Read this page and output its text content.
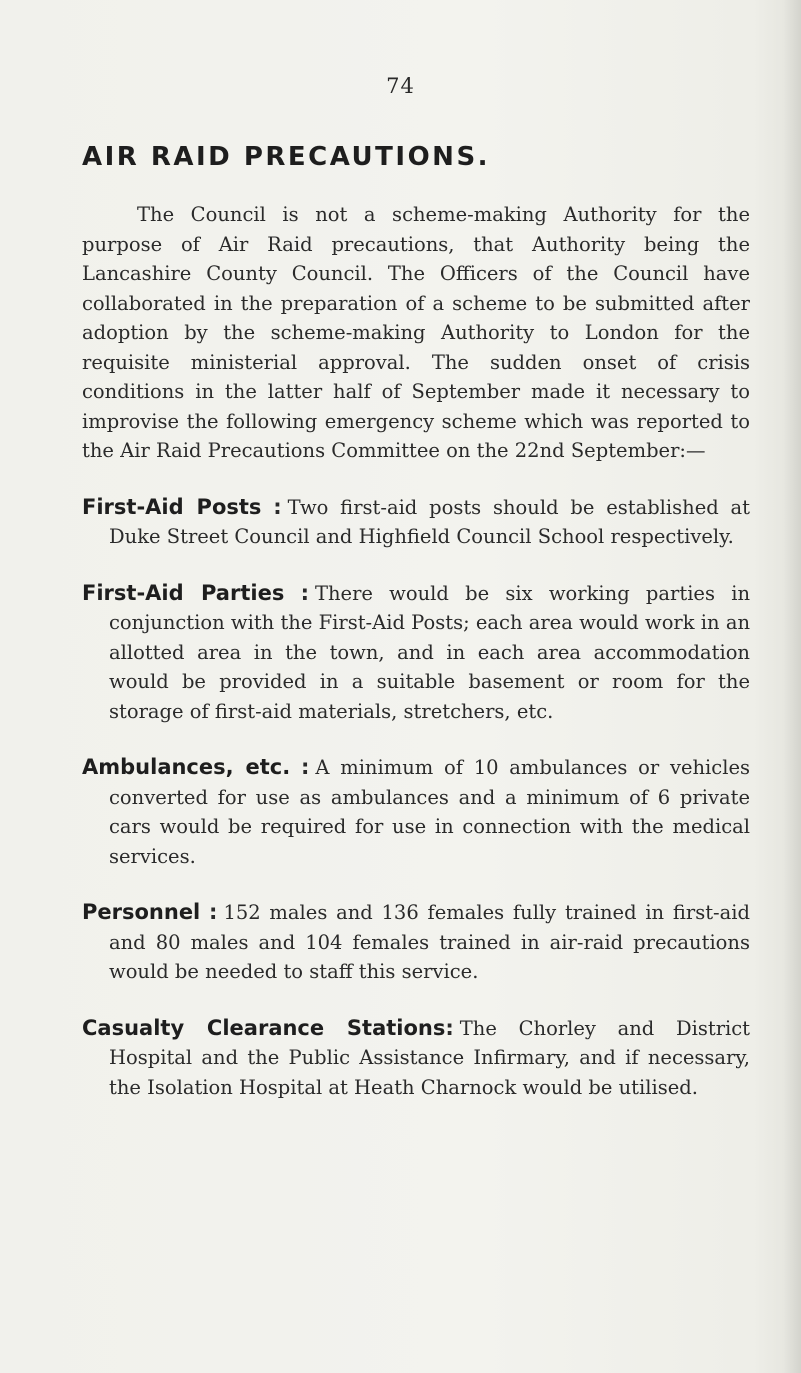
74
AIR RAID PRECAUTIONS.

The Council is not a scheme-making Authority for the purpose of Air Raid precautions, that Authority being the Lancashire County Council. The Officers of the Council have collaborated in the preparation of a scheme to be submitted after adoption by the scheme-making Authority to London for the requisite ministerial approval. The sudden onset of crisis conditions in the latter half of September made it necessary to improvise the following emergency scheme which was reported to the Air Raid Precautions Committee on the 22nd September:—

First-Aid Posts : Two first-aid posts should be established at Duke Street Council and Highfield Council School respectively.

First-Aid Parties : There would be six working parties in conjunction with the First-Aid Posts; each area would work in an allotted area in the town, and in each area accommodation would be provided in a suitable basement or room for the storage of first-aid materials, stretchers, etc.

Ambulances, etc. : A minimum of 10 ambulances or vehicles converted for use as ambulances and a minimum of 6 private cars would be required for use in connection with the medical services.

Personnel : 152 males and 136 females fully trained in first-aid and 80 males and 104 females trained in air-raid precautions would be needed to staff this service.

Casualty Clearance Stations: The Chorley and District Hospital and the Public Assistance Infirmary, and if necessary, the Isolation Hospital at Heath Charnock would be utilised.
